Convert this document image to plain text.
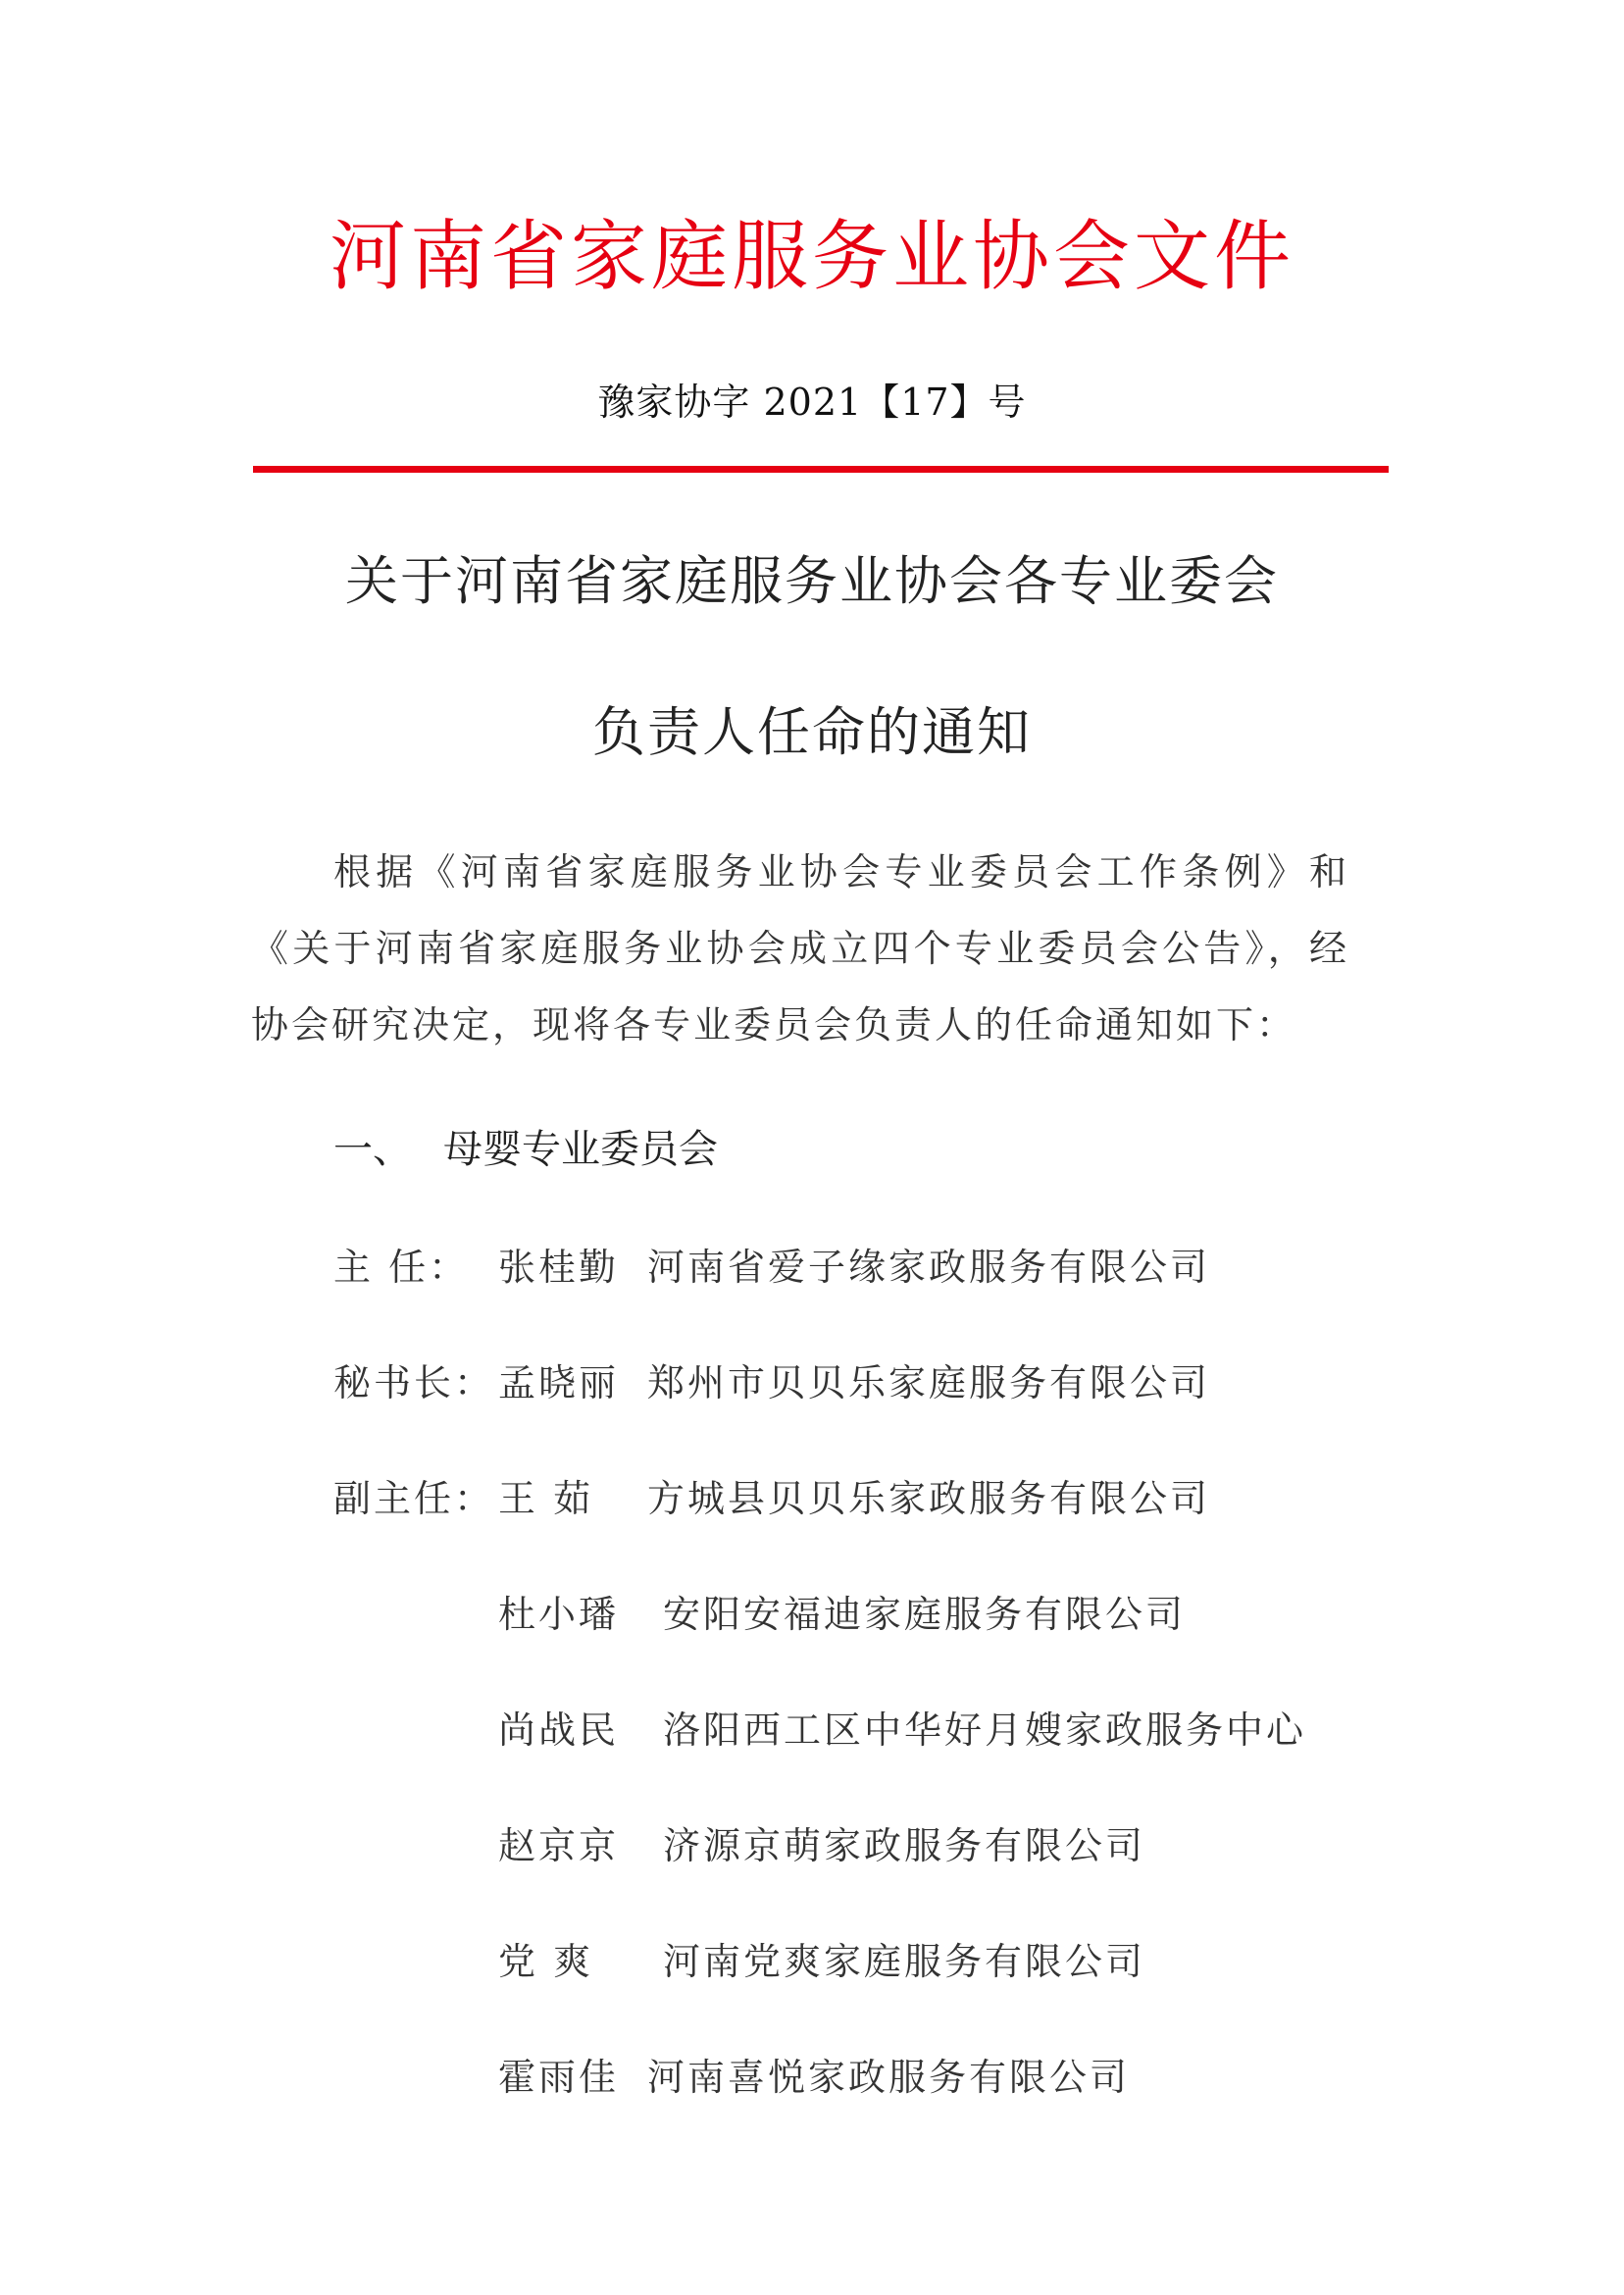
河南省家庭服务业协会文件
豫家协字 2021【17】号
关于河南省家庭服务业协会各专业委会
负责人任命的通知
根据《河南省家庭服务业协会专业委员会工作条例》和《关于河南省家庭服务业协会成立四个专业委员会公告》，经协会研究决定，现将各专业委员会负责人的任命通知如下：
一、 母婴专业委员会
主 任： 张桂勤 河南省爱子缘家政服务有限公司
秘书长： 孟晓丽 郑州市贝贝乐家庭服务有限公司
副主任： 王 茹 方城县贝贝乐家政服务有限公司
杜小璠 安阳安福迪家庭服务有限公司
尚战民 洛阳西工区中华好月嫂家政服务中心
赵京京 济源京萌家政服务有限公司
党 爽 河南党爽家庭服务有限公司
霍雨佳 河南喜悦家政服务有限公司
